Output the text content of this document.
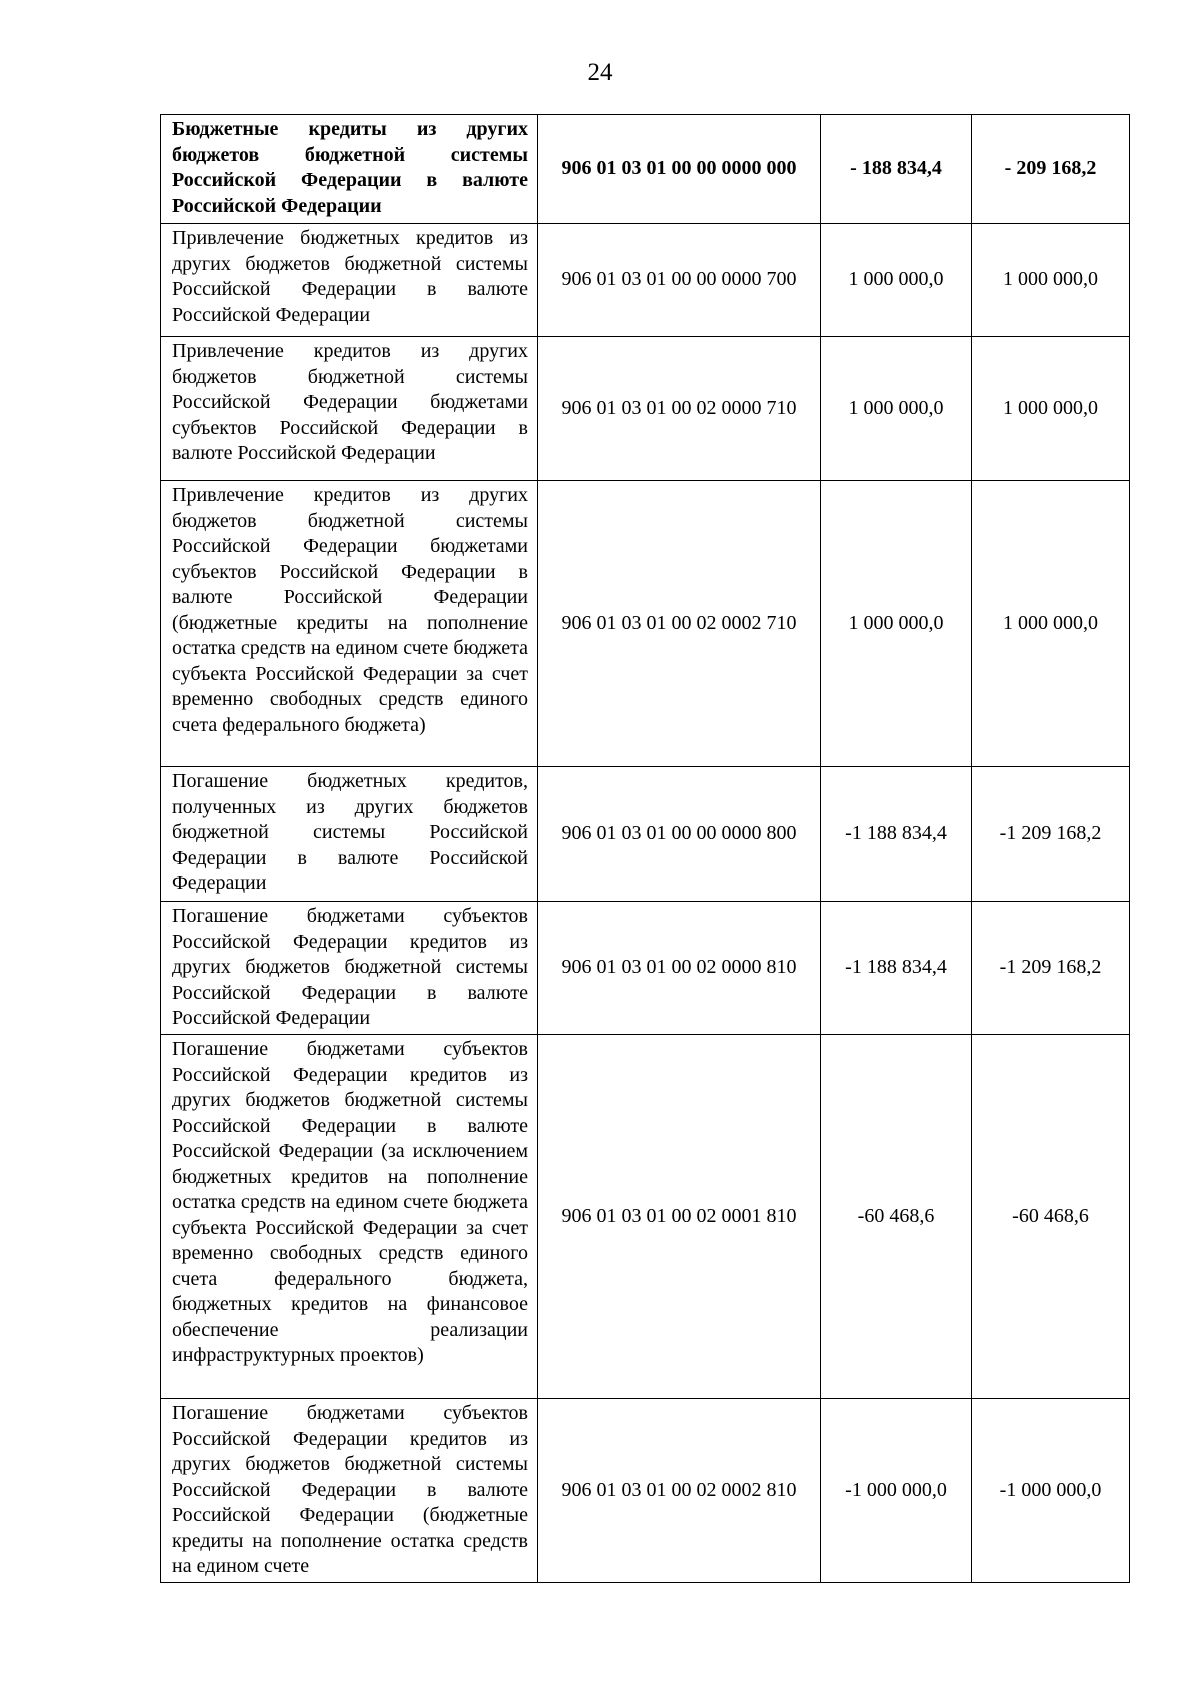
24
Бюджетные кредиты из других бюджетов бюджетной системы Российской Федерации в валюте Российской Федерации	906 01 03 01 00 00 0000 000	- 188 834,4	- 209 168,2
Привлечение бюджетных кредитов из других бюджетов бюджетной системы Российской Федерации в валюте Российской Федерации	906 01 03 01 00 00 0000 700	1 000 000,0	1 000 000,0
Привлечение кредитов из других бюджетов бюджетной системы Российской Федерации бюджетами субъектов Российской Федерации в валюте Российской Федерации	906 01 03 01 00 02 0000 710	1 000 000,0	1 000 000,0
Привлечение кредитов из других бюджетов бюджетной системы Российской Федерации бюджетами субъектов Российской Федерации в валюте Российской Федерации (бюджетные кредиты на пополнение остатка средств на едином счете бюджета субъекта Российской Федерации за счет временно свободных средств единого счета федерального бюджета)	906 01 03 01 00 02 0002 710	1 000 000,0	1 000 000,0
Погашение бюджетных кредитов, полученных из других бюджетов бюджетной системы Российской Федерации в валюте Российской Федерации	906 01 03 01 00 00 0000 800	-1 188 834,4	-1 209 168,2
Погашение бюджетами субъектов Российской Федерации кредитов из других бюджетов бюджетной системы Российской Федерации в валюте Российской Федерации	906 01 03 01 00 02 0000 810	-1 188 834,4	-1 209 168,2
Погашение бюджетами субъектов Российской Федерации кредитов из других бюджетов бюджетной системы Российской Федерации в валюте Российской Федерации (за исключением бюджетных кредитов на пополнение остатка средств на едином счете бюджета субъекта Российской Федерации за счет временно свободных средств единого счета федерального бюджета, бюджетных кредитов на финансовое обеспечение реализации инфраструктурных проектов)	906 01 03 01 00 02 0001 810	-60 468,6	-60 468,6
Погашение бюджетами субъектов Российской Федерации кредитов из других бюджетов бюджетной системы Российской Федерации в валюте Российской Федерации (бюджетные кредиты на пополнение остатка средств на едином счете	906 01 03 01 00 02 0002 810	-1 000 000,0	-1 000 000,0
